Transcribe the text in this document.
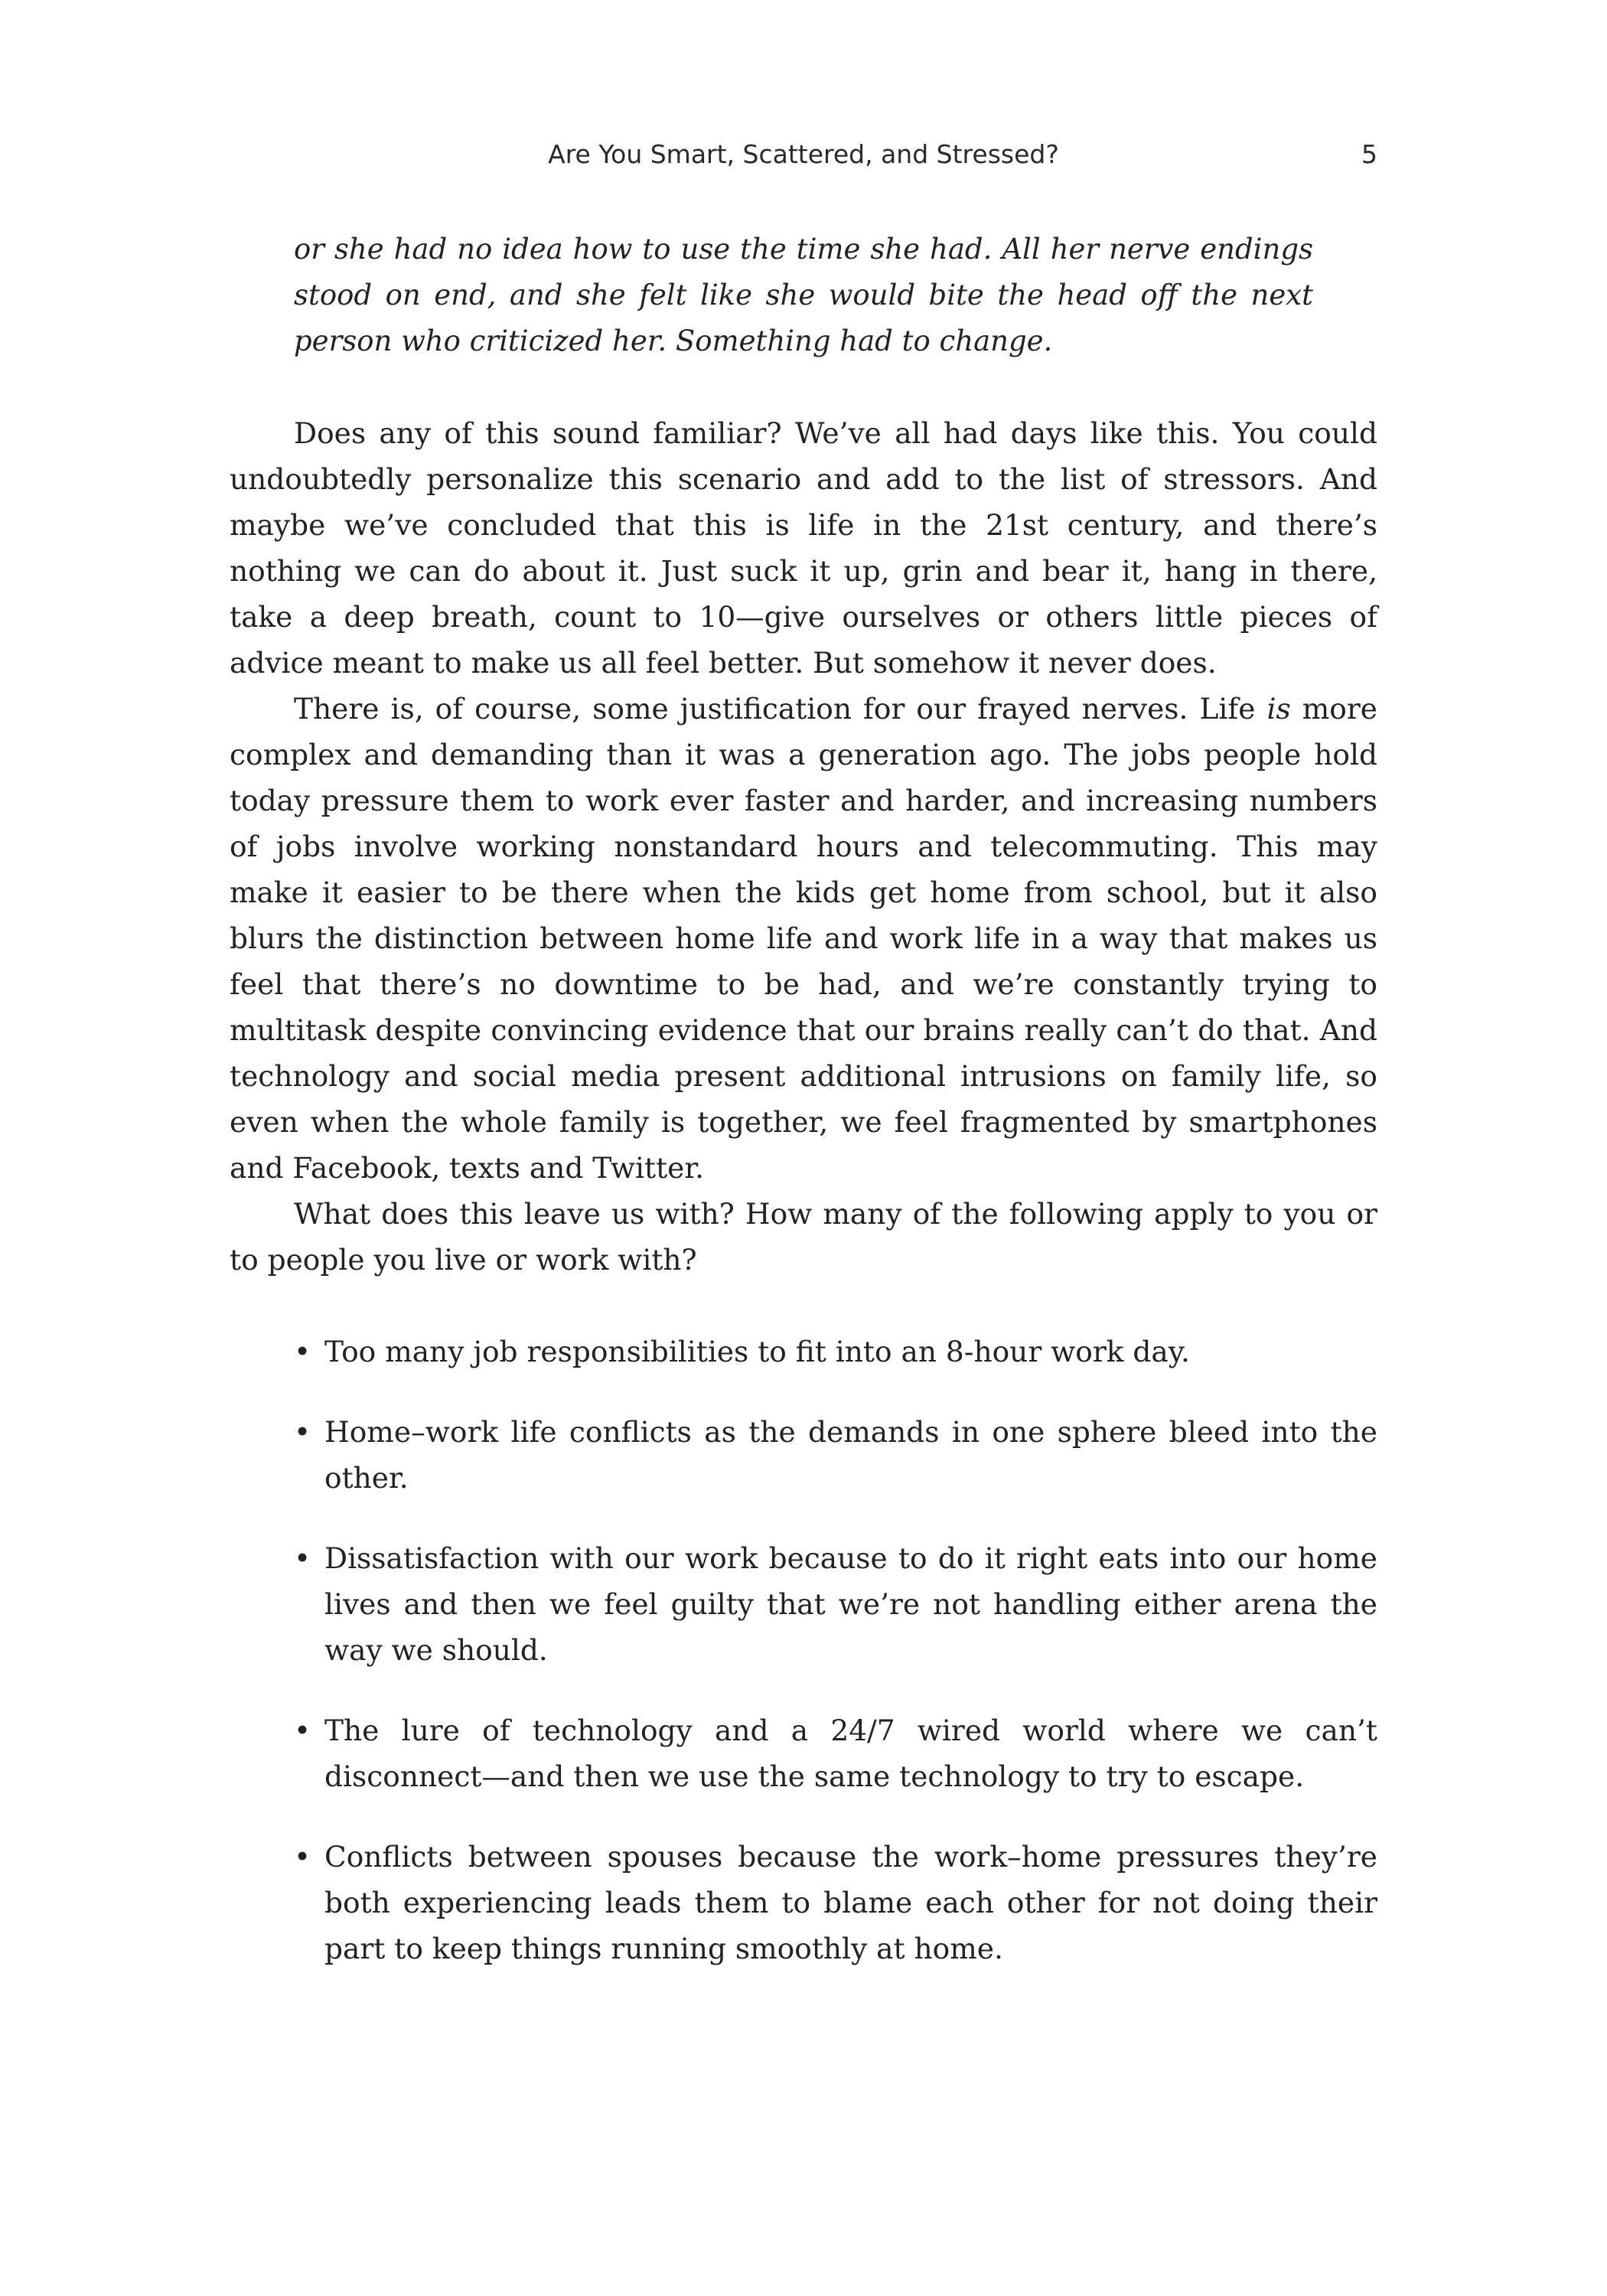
Are You Smart, Scattered, and Stressed?	5

or she had no idea how to use the time she had. All her nerve endings stood on end, and she felt like she would bite the head off the next person who criticized her. Something had to change.

Does any of this sound familiar? We’ve all had days like this. You could undoubtedly personalize this scenario and add to the list of stressors. And maybe we’ve concluded that this is life in the 21st century, and there’s nothing we can do about it. Just suck it up, grin and bear it, hang in there, take a deep breath, count to 10—give ourselves or others little pieces of advice meant to make us all feel better. But somehow it never does.

There is, of course, some justification for our frayed nerves. Life is more complex and demanding than it was a generation ago. The jobs people hold today pressure them to work ever faster and harder, and increasing numbers of jobs involve working nonstandard hours and telecommuting. This may make it easier to be there when the kids get home from school, but it also blurs the distinction between home life and work life in a way that makes us feel that there’s no downtime to be had, and we’re constantly trying to multitask despite convincing evidence that our brains really can’t do that. And technology and social media present additional intrusions on family life, so even when the whole family is together, we feel fragmented by smartphones and Facebook, texts and Twitter.

What does this leave us with? How many of the following apply to you or to people you live or work with?

• Too many job responsibilities to fit into an 8-hour work day.
• Home–work life conflicts as the demands in one sphere bleed into the other.
• Dissatisfaction with our work because to do it right eats into our home lives and then we feel guilty that we’re not handling either arena the way we should.
• The lure of technology and a 24/7 wired world where we can’t disconnect—and then we use the same technology to try to escape.
• Conflicts between spouses because the work–home pressures they’re both experiencing leads them to blame each other for not doing their part to keep things running smoothly at home.
